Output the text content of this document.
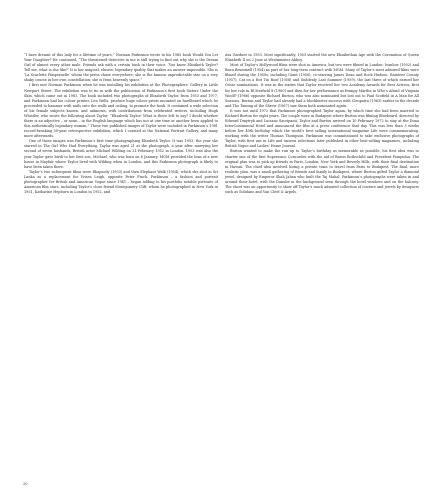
“I have dreamt of this lady for a lifetime of years,” Norman Parkinson wrote in his 1985 book Would You Let Your Daughter? He continued, “The threatened detective in me is still trying to find out why she is the Dream Girl of almost every other male. Friends ask with a certain hush in their voice, ‘You know Elizabeth Taylor? Tell me, what is she like?’ It is her magical, elusive, legendary quality that makes an answer impossible. She is ‘La Scarlette Pimpernelle’ whom the press chase everywhere; she is the famous unpredictable star on a very shaky course in her own constellation; she is from heavenly space.”

I first met Norman Parkinson when he was installing his exhibition at the Photographers’ Gallery in Little Newport Street. The exhibition was to tie in with the publication of Parkinson’s first book Sisters Under the Skin, which came out in 1981. The book included two photographs of Elizabeth Taylor, from 1953 and 1977, and Parkinson had his colour printer, Len Wells, produce huge colour prints mounted on hardboard which he proceeded to hammer with nails onto the walls and ceiling, to promote the book. It contained a wide selection of his female subjects known, and unknown, with contributions from celebrated writers, including Hugh Whistler, who wrote the following about Taylor: “Elizabeth Taylor! What is there left to say? I doubt whether there is an adjective – or noun – in the English language which has not at one time or another been applied to this authentically legendary woman.” These two published images of Taylor were included in Parkinson’s 1981 record-breaking 50-year retrospective exhibition, which I curated at the National Portrait Gallery, and many more afterwards.

One of these images was Parkinson’s first time photographing Elizabeth Taylor. It was 1953, the year she starred in The Girl Who Had Everything. Taylor was aged 21 at the photograph, a year after marrying her second of seven husbands, British actor Michael Wilding on 21 February 1952 in London. 1953 was also the year Taylor gave birth to her first son, Michael, who was born on 6 January. MGM provided the loan of a new house in Mayfair where Taylor lived with Wilding when in London, and this Parkinson photograph is likely to have been taken there.

Taylor’s two subsequent films were Rhapsody (1953) and then Elephant Walk (1954), which she shot in Sri Lanka as a replacement for Vivien Leigh, opposite Peter Finch. Parkinson – a fashion and portrait photographer for British and American Vogue since 1941 – began adding to his portfolio notable portraits of American film stars, including Taylor’s close friend Montgomery Clift, whom he photographed in New York in 1951, Katharine Hepburn in London in 1952, and

Ava Gardner in 1953. Most significantly, 1953 started the new Elizabethan Age with the Coronation of Queen Elizabeth II on 2 June at Westminster Abbey.

Most of Taylor’s Hollywood films were shot in America, but two were filmed in London: Ivanhoe (1952) and Beau Brummell (1954) as part of her long-term contract with MGM. Many of Taylor’s most admired films were filmed during the 1950s, including Giant (1956), co-starring James Dean and Rock Hudson, Raintree County (1957), Cat on a Hot Tin Roof (1958) and Suddenly Last Summer (1959), the last three of which earned her Oscar nominations. It was in the sixties that Taylor received her two Academy Awards for Best Actress, first for her role in BUtterfield 8 (1960) and then for her performance as frumpy Martha in Who’s Afraid of Virginia Woolf? (1966) opposite Richard Burton, who was also nominated but lost out to Paul Scofield in A Man for All Seasons. Burton and Taylor had already had a blockbuster success with Cleopatra (1963) earlier in the decade and The Taming of the Shrew (1967) saw them both nominated again.

It was not until 1972 that Parkinson photographed Taylor again, by which time she had been married to Richard Burton for eight years. The couple were in Budapest where Burton was filming Bluebeard, directed by Edward Dmytryk and Luciano Sacripanti. Taylor and Burton arrived on 10 February 1972 to stay at the Duna InterContinental Hotel and announced the film at a press conference that day. This was less than 3 weeks before her 40th birthday, which the world’s best selling international magazine Life were commemorating, working with the writer Thomas Thompson. Parkinson was commissioned to take exclusive photographs of Taylor, with first use in Life and unseen selections later published in other best-selling magazines, including British Vogue and Ladies’ Home Journal.

Burton wanted to make the run up to Taylor’s birthday as memorable as possible, his first idea was to charter one of the first Supersonic Concordes with the aid of Baron Rothschild and President Pompidou. The original plan was to pick up friends in Paris, London, New York and Beverly Hills, with their final destination in Hawaii. The chief idea involved hiring a private train to travel from Paris to Budapest. The final, more realistic plan, was a small gathering of friends and family in Budapest, where Burton gifted Taylor a diamond jewel, designed by Emperor Shah Jahan who built the Taj Mahal. Parkinson’s photographs were taken in and around their hotel, with the Danube in the background seen through the hotel windows and on the balcony. The shoot was an opportunity to show off Taylor’s much admired collection of couture and jewels by designers such as Solidano and Van Cleef & Arpels.

20
